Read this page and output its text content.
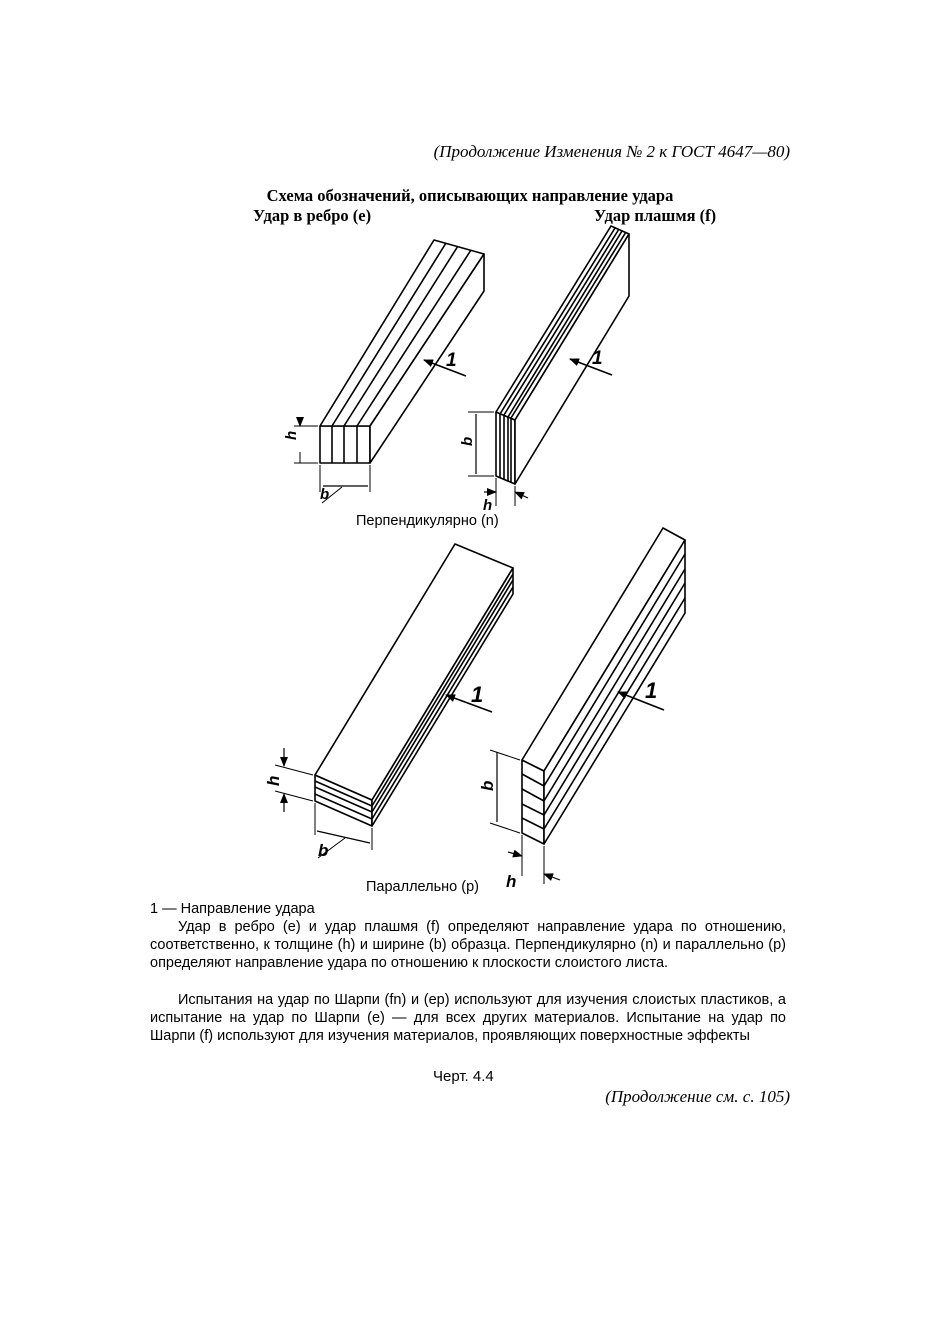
(Продолжение Изменения № 2 к ГОСТ 4647—80)
Схема обозначений, описывающих направление удара
Удар в ребро (е)	Удар плашмя (f)
1	1
1	1
h
b
b
h
h
b
b
h
Перпендикулярно (n)
Параллельно (p)
1 — Направление удара
Удар в ребро (е) и удар плашмя (f) определяют направление удара по отношению, соответственно, к толщине (h) и ширине (b) образца. Перпендикулярно (n) и параллельно (p) определяют направление удара по отношению к плоскости слоистого листа.
Испытания на удар по Шарпи (fn) и (ep) используют для изучения слоистых пластиков, а испытание на удар по Шарпи (е) — для всех других материалов. Испытание на удар по Шарпи (f) используют для изучения материалов, проявляющих поверхностные эффекты
Черт. 4.4
(Продолжение см. с. 105)
